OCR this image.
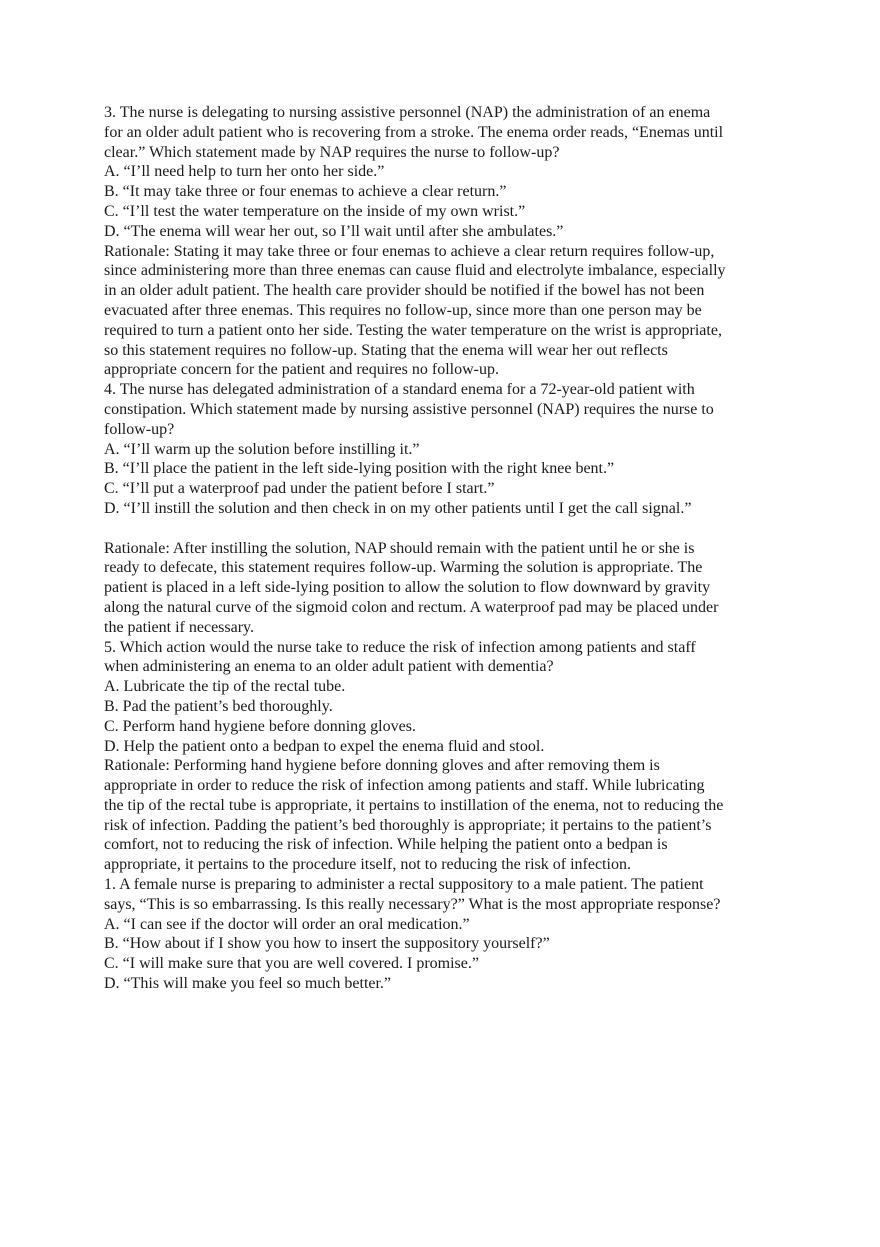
3. The nurse is delegating to nursing assistive personnel (NAP) the administration of an enema
for an older adult patient who is recovering from a stroke. The enema order reads, “Enemas until
clear.” Which statement made by NAP requires the nurse to follow-up?
A. “I’ll need help to turn her onto her side.”
B. “It may take three or four enemas to achieve a clear return.”
C. “I’ll test the water temperature on the inside of my own wrist.”
D. “The enema will wear her out, so I’ll wait until after she ambulates.”
Rationale: Stating it may take three or four enemas to achieve a clear return requires follow-up,
since administering more than three enemas can cause fluid and electrolyte imbalance, especially
in an older adult patient. The health care provider should be notified if the bowel has not been
evacuated after three enemas. This requires no follow-up, since more than one person may be
required to turn a patient onto her side. Testing the water temperature on the wrist is appropriate,
so this statement requires no follow-up. Stating that the enema will wear her out reflects
appropriate concern for the patient and requires no follow-up.
4. The nurse has delegated administration of a standard enema for a 72-year-old patient with
constipation. Which statement made by nursing assistive personnel (NAP) requires the nurse to
follow-up?
A. “I’ll warm up the solution before instilling it.”
B. “I’ll place the patient in the left side-lying position with the right knee bent.”
C. “I’ll put a waterproof pad under the patient before I start.”
D. “I’ll instill the solution and then check in on my other patients until I get the call signal.”
Rationale: After instilling the solution, NAP should remain with the patient until he or she is
ready to defecate, this statement requires follow-up. Warming the solution is appropriate. The
patient is placed in a left side-lying position to allow the solution to flow downward by gravity
along the natural curve of the sigmoid colon and rectum. A waterproof pad may be placed under
the patient if necessary.
5. Which action would the nurse take to reduce the risk of infection among patients and staff
when administering an enema to an older adult patient with dementia?
A. Lubricate the tip of the rectal tube.
B. Pad the patient’s bed thoroughly.
C. Perform hand hygiene before donning gloves.
D. Help the patient onto a bedpan to expel the enema fluid and stool.
Rationale: Performing hand hygiene before donning gloves and after removing them is
appropriate in order to reduce the risk of infection among patients and staff. While lubricating
the tip of the rectal tube is appropriate, it pertains to instillation of the enema, not to reducing the
risk of infection. Padding the patient’s bed thoroughly is appropriate; it pertains to the patient’s
comfort, not to reducing the risk of infection. While helping the patient onto a bedpan is
appropriate, it pertains to the procedure itself, not to reducing the risk of infection.
1. A female nurse is preparing to administer a rectal suppository to a male patient. The patient
says, “This is so embarrassing. Is this really necessary?” What is the most appropriate response?
A. “I can see if the doctor will order an oral medication.”
B. “How about if I show you how to insert the suppository yourself?”
C. “I will make sure that you are well covered. I promise.”
D. “This will make you feel so much better.”
